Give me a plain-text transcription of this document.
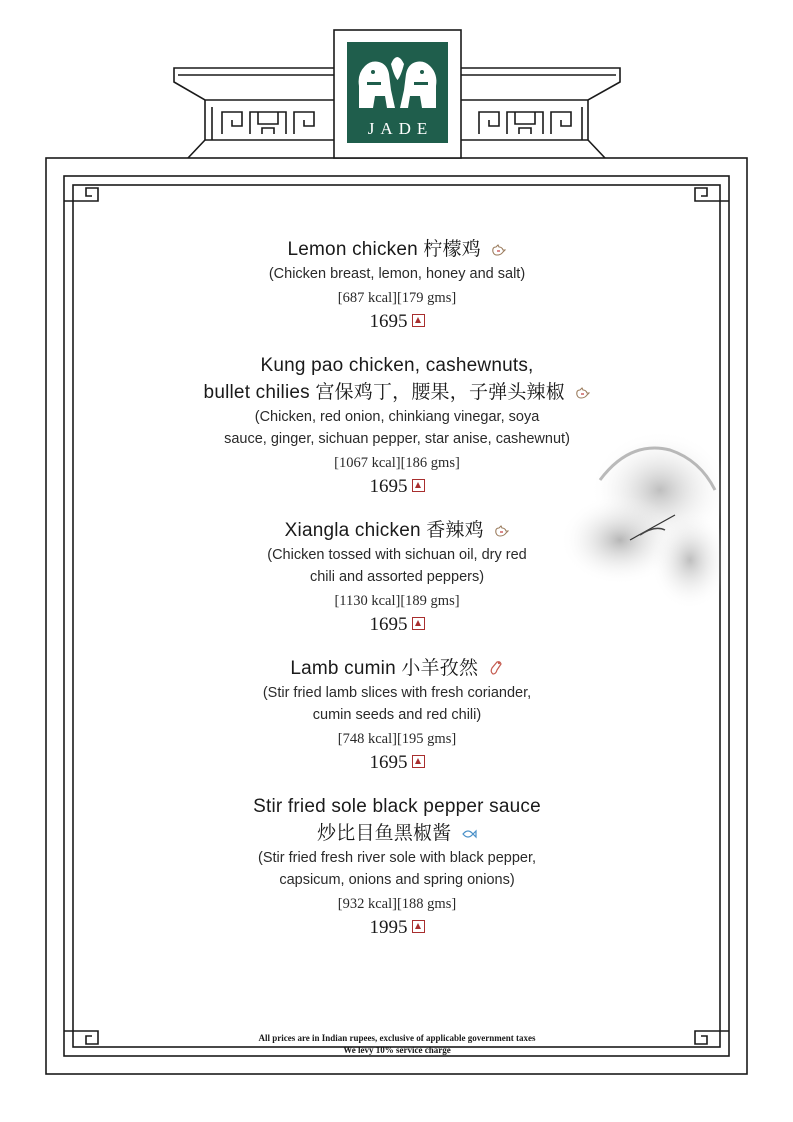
JADE
Lemon chicken 柠檬鸡
(Chicken breast, lemon, honey and salt)
[687 kcal][179 gms]
1695
Kung pao chicken, cashewnuts,
bullet chilies 宫保鸡丁，腰果，子弹头辣椒
(Chicken, red onion, chinkiang vinegar, soya
sauce, ginger, sichuan pepper, star anise, cashewnut)
[1067 kcal][186 gms]
1695
Xiangla chicken 香辣鸡
(Chicken tossed with sichuan oil, dry red
chili and assorted peppers)
[1130 kcal][189 gms]
1695
Lamb cumin 小羊孜然
(Stir fried lamb slices with fresh coriander,
cumin seeds and red chili)
[748 kcal][195 gms]
1695
Stir fried sole black pepper sauce
炒比目鱼黑椒酱
(Stir fried fresh river sole with black pepper,
capsicum, onions and spring onions)
[932 kcal][188 gms]
1995
All prices are in Indian rupees, exclusive of applicable government taxes
We levy 10% service charge
